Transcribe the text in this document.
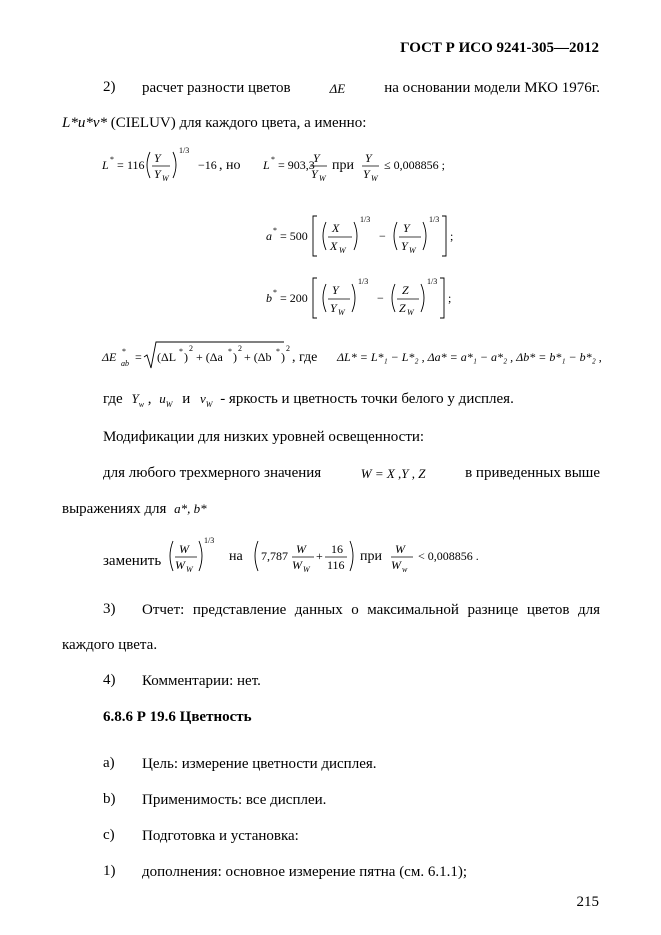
ГОСТ Р ИСО 9241-305—2012
2) расчет разности цветов	ΔE	на основании модели МКО 1976г.
L*u*v* (CIELUV) для каждого цвета, а именно:
L * = 116 Y
Y W
1/3
−16 , но L * = 903,3
Y
Y W
при Y
Y W
≤ 0,008856 ;
a * = 500
X
X W
1/3
−
Y
Y W
1/3
;
b * = 200
Y
Y W
1/3
−
Z
Z W
1/3
;
ΔE *
ab = (ΔL * )
2
+ (Δa * )
2
+ (Δb * )
2
, где ΔL* = L*₁ − L*₂ , Δa* = a*₁ − a*₂ , Δb* = b*₁ − b*₂ ,
где $Y_w$ , $u_W$ и $v_W$ - яркость и цветность точки белого у дисплея.
Модификации для низких уровней освещенности:
для любого трехмерного значения	W = X ,Y , Z	в приведенных выше
выражениях для a*, b*
заменить
W
W W
1/3
на 7,787 W
W W
+ 16
116
при W
W w
< 0,008856 .
3) Отчет: представление данных о максимальной разнице цветов для
каждого цвета.
4) Комментарии: нет.
6.8.6 Р 19.6 Цветность
a) Цель: измерение цветности дисплея.
b) Применимость: все дисплеи.
c) Подготовка и установка:
1) дополнения: основное измерение пятна (см. 6.1.1);
215
